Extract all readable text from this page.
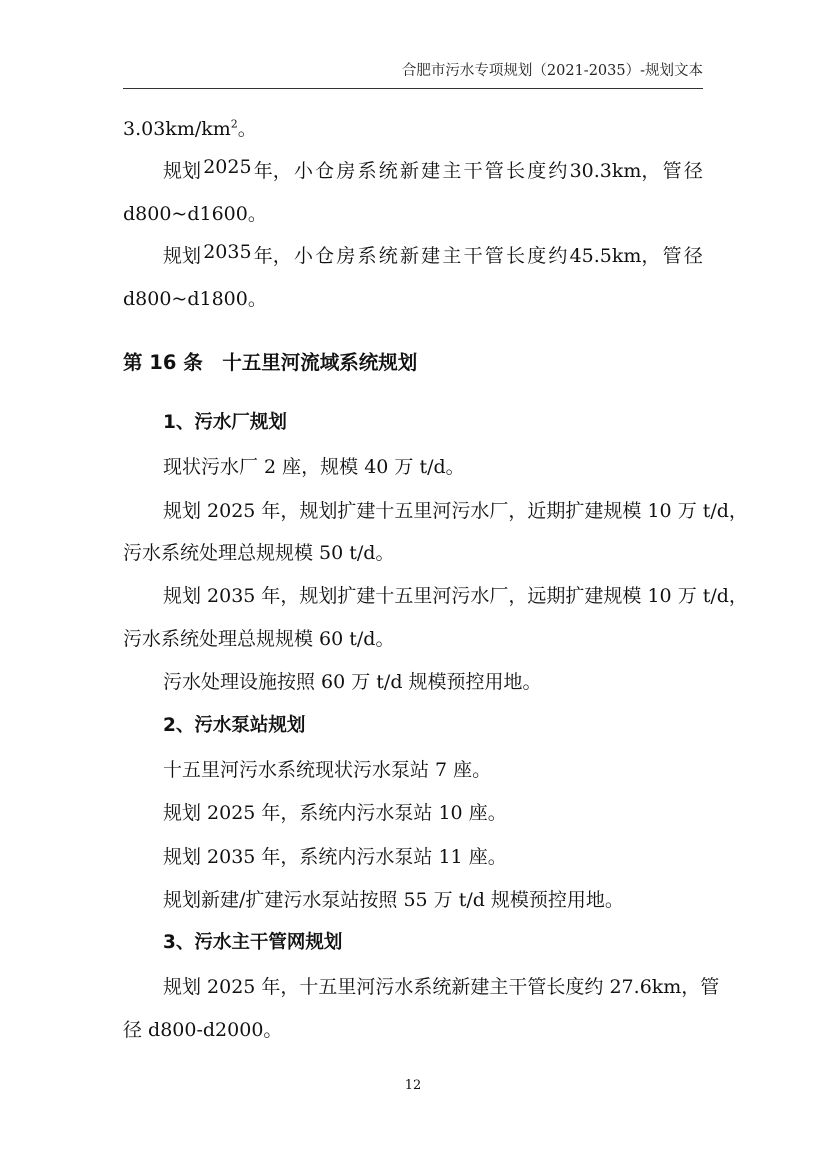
合肥市污水专项规划（2021-2035）-规划文本
$3.03km/km^2$。
规划 2025 年， 小 仓 房 系 统 新 建 主 干 管 长 度 约 30.3km， 管 径
d800~d1600。
规划 2035 年， 小 仓 房 系 统 新 建 主 干 管 长 度 约 45.5km， 管 径
d800~d1800。
第 16 条　十五里河流域系统规划
1、污水厂规划
现状污水厂 2 座，规模 40 万 t/d。
规划 2025 年，规划扩建十五里河污水厂，近期扩建规模 10 万 t/d，
污水系统处理总规规模 50 t/d。
规划 2035 年，规划扩建十五里河污水厂，远期扩建规模 10 万 t/d，
污水系统处理总规规模 60 t/d。
污水处理设施按照 60 万 t/d 规模预控用地。
2、污水泵站规划
十五里河污水系统现状污水泵站 7 座。
规划 2025 年，系统内污水泵站 10 座。
规划 2035 年，系统内污水泵站 11 座。
规划新建/扩建污水泵站按照 55 万 t/d 规模预控用地。
3、污水主干管网规划
规划 2025 年，十五里河污水系统新建主干管长度约 27.6km，管
径 d800-d2000。
12
